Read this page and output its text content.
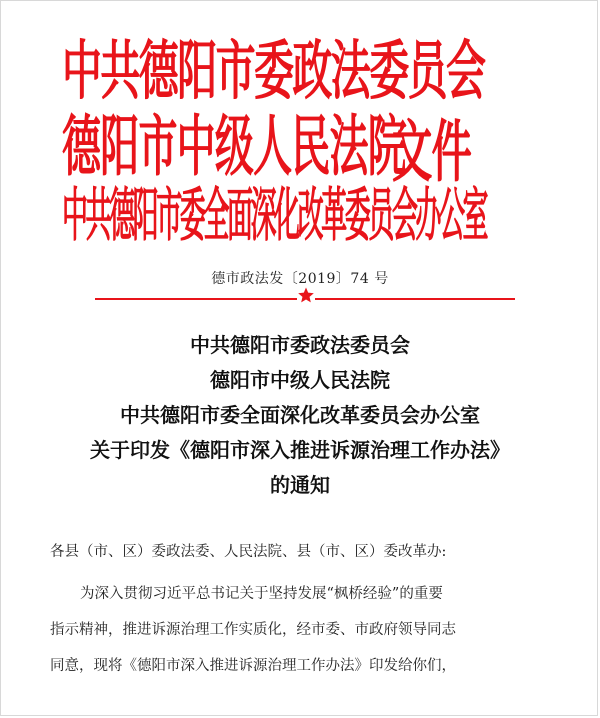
中共德阳市委政法委员会
德阳市中级人民法院
中共德阳市委全面深化改革委员会办公室
文件
德市政法发〔2019〕74 号
中共德阳市委政法委员会
德阳市中级人民法院
中共德阳市委全面深化改革委员会办公室
关于印发《德阳市深入推进诉源治理工作办法》
的通知
各县（市、区）委政法委、人民法院、县（市、区）委改革办:
为深入贯彻习近平总书记关于坚持发展“枫桥经验”的重要
指示精神，推进诉源治理工作实质化，经市委、市政府领导同志
同意，现将《德阳市深入推进诉源治理工作办法》印发给你们，
